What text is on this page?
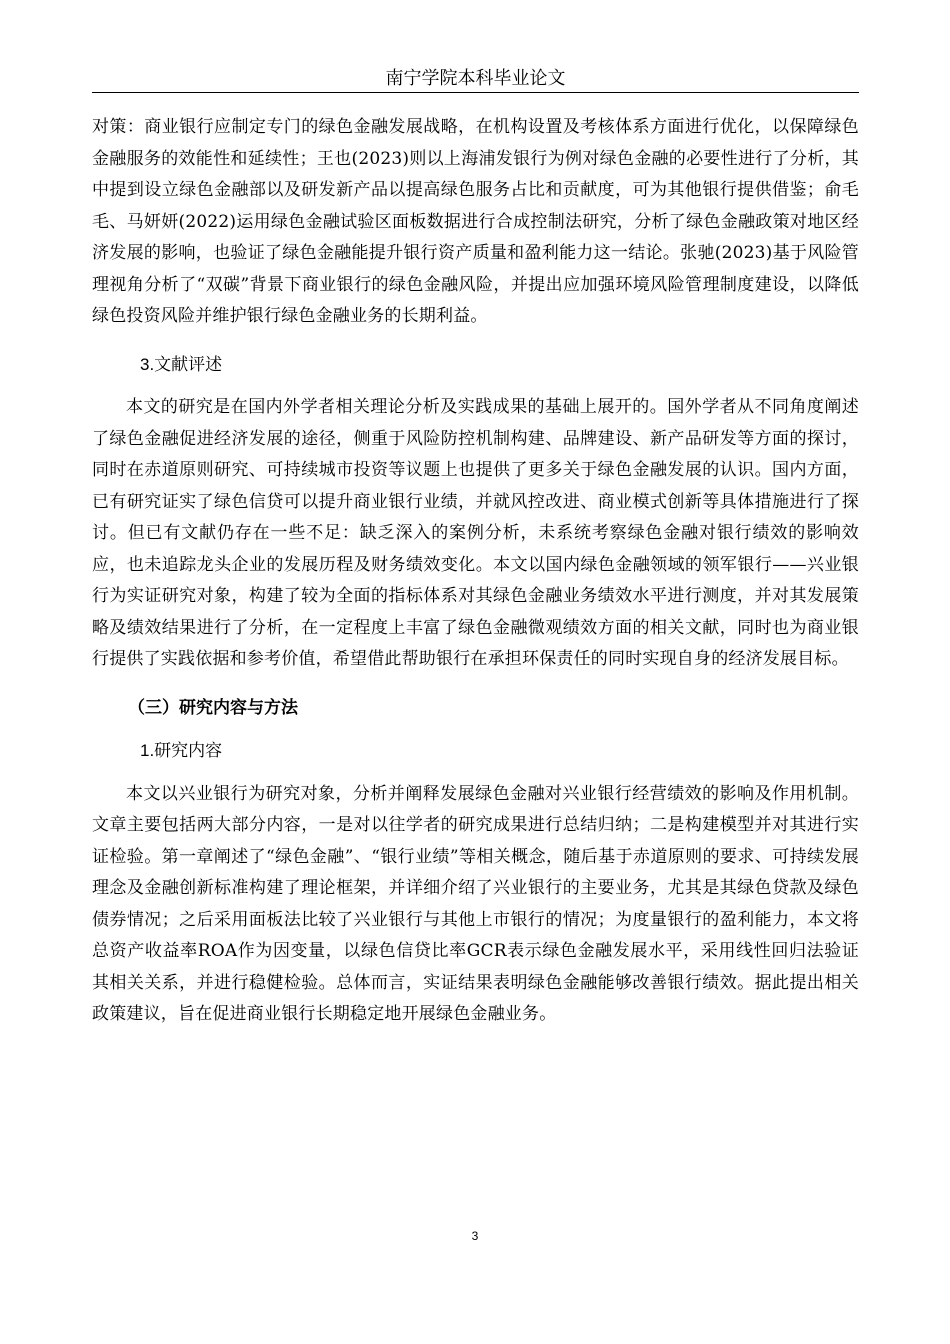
南宁学院本科毕业论文

对策：商业银行应制定专门的绿色金融发展战略，在机构设置及考核体系方面进行优化，以保障绿色金融服务的效能性和延续性；王也(2023)则以上海浦发银行为例对绿色金融的必要性进行了分析，其中提到设立绿色金融部以及研发新产品以提高绿色服务占比和贡献度，可为其他银行提供借鉴；俞毛毛、马妍妍(2022)运用绿色金融试验区面板数据进行合成控制法研究，分析了绿色金融政策对地区经济发展的影响，也验证了绿色金融能提升银行资产质量和盈利能力这一结论。张驰(2023)基于风险管理视角分析了“双碳”背景下商业银行的绿色金融风险，并提出应加强环境风险管理制度建设，以降低绿色投资风险并维护银行绿色金融业务的长期利益。

3.文献评述

本文的研究是在国内外学者相关理论分析及实践成果的基础上展开的。国外学者从不同角度阐述了绿色金融促进经济发展的途径，侧重于风险防控机制构建、品牌建设、新产品研发等方面的探讨，同时在赤道原则研究、可持续城市投资等议题上也提供了更多关于绿色金融发展的认识。国内方面，已有研究证实了绿色信贷可以提升商业银行业绩，并就风控改进、商业模式创新等具体措施进行了探讨。但已有文献仍存在一些不足：缺乏深入的案例分析，未系统考察绿色金融对银行绩效的影响效应，也未追踪龙头企业的发展历程及财务绩效变化。本文以国内绿色金融领域的领军银行——兴业银行为实证研究对象，构建了较为全面的指标体系对其绿色金融业务绩效水平进行测度，并对其发展策略及绩效结果进行了分析，在一定程度上丰富了绿色金融微观绩效方面的相关文献，同时也为商业银行提供了实践依据和参考价值，希望借此帮助银行在承担环保责任的同时实现自身的经济发展目标。

（三）研究内容与方法

1.研究内容

本文以兴业银行为研究对象，分析并阐释发展绿色金融对兴业银行经营绩效的影响及作用机制。文章主要包括两大部分内容，一是对以往学者的研究成果进行总结归纳；二是构建模型并对其进行实证检验。第一章阐述了“绿色金融”、“银行业绩”等相关概念，随后基于赤道原则的要求、可持续发展理念及金融创新标准构建了理论框架，并详细介绍了兴业银行的主要业务，尤其是其绿色贷款及绿色债券情况；之后采用面板法比较了兴业银行与其他上市银行的情况；为度量银行的盈利能力，本文将总资产收益率ROA作为因变量，以绿色信贷比率GCR表示绿色金融发展水平，采用线性回归法验证其相关关系，并进行稳健检验。总体而言，实证结果表明绿色金融能够改善银行绩效。据此提出相关政策建议，旨在促进商业银行长期稳定地开展绿色金融业务。

3
